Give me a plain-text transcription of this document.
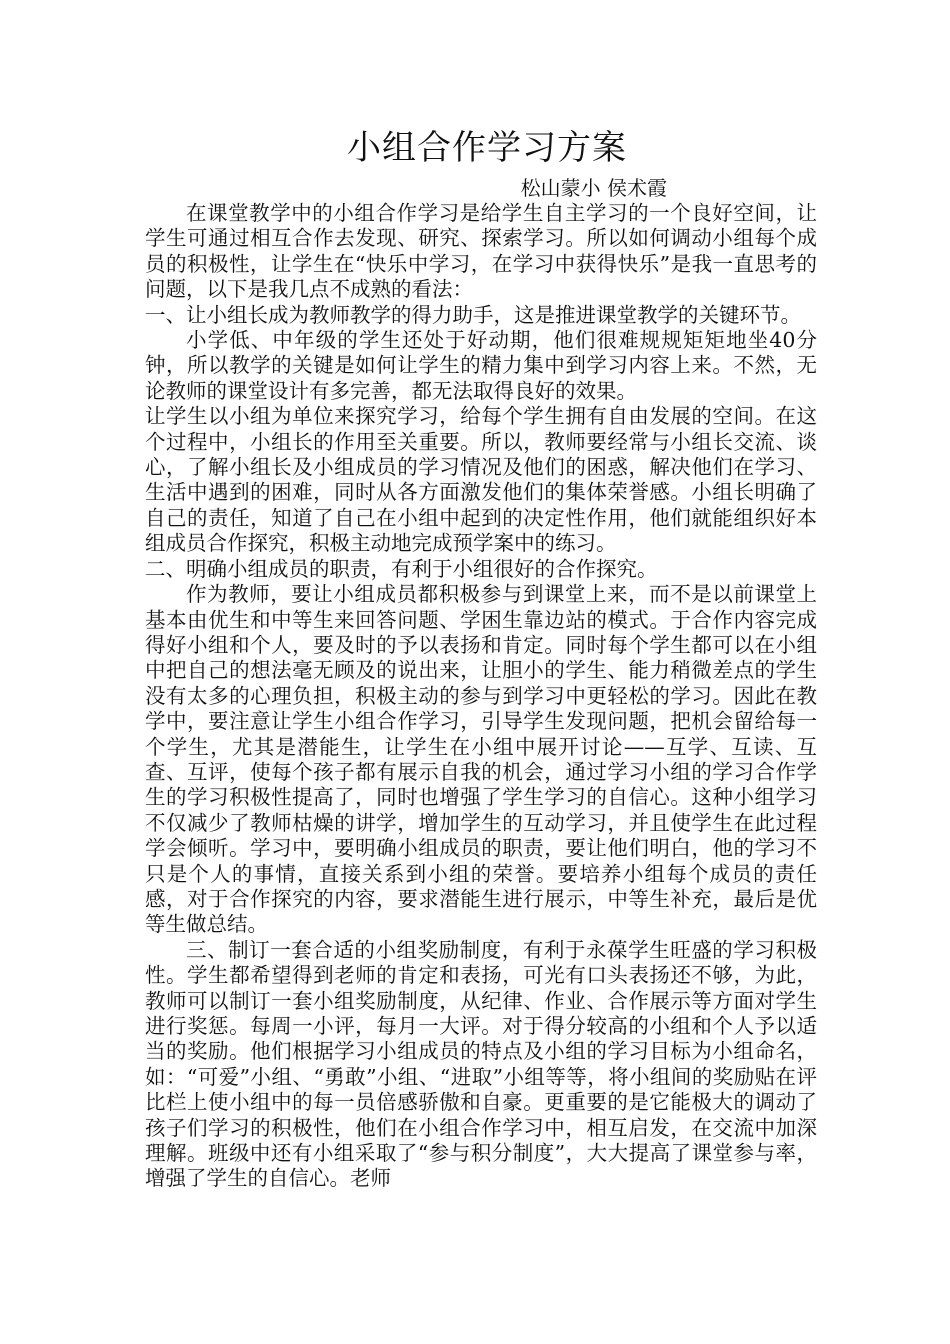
小组合作学习方案

松山蒙小 侯术霞

在课堂教学中的小组合作学习是给学生自主学习的一个良好空间，让学生可通过相互合作去发现、研究、探索学习。所以如何调动小组每个成员的积极性，让学生在“快乐中学习，在学习中获得快乐”是我一直思考的问题，以下是我几点不成熟的看法：

一、让小组长成为教师教学的得力助手，这是推进课堂教学的关键环节。

小学低、中年级的学生还处于好动期，他们很难规规矩矩地坐40分钟，所以教学的关键是如何让学生的精力集中到学习内容上来。不然，无论教师的课堂设计有多完善，都无法取得良好的效果。

让学生以小组为单位来探究学习，给每个学生拥有自由发展的空间。在这个过程中，小组长的作用至关重要。所以，教师要经常与小组长交流、谈心，了解小组长及小组成员的学习情况及他们的困惑，解决他们在学习、生活中遇到的困难，同时从各方面激发他们的集体荣誉感。小组长明确了自己的责任，知道了自己在小组中起到的决定性作用，他们就能组织好本组成员合作探究，积极主动地完成预学案中的练习。

二、明确小组成员的职责，有利于小组很好的合作探究。

作为教师，要让小组成员都积极参与到课堂上来，而不是以前课堂上基本由优生和中等生来回答问题、学困生靠边站的模式。于合作内容完成得好小组和个人，要及时的予以表扬和肯定。同时每个学生都可以在小组中把自己的想法毫无顾及的说出来，让胆小的学生、能力稍微差点的学生没有太多的心理负担，积极主动的参与到学习中更轻松的学习。因此在教学中，要注意让学生小组合作学习，引导学生发现问题，把机会留给每一个学生，尤其是潜能生，让学生在小组中展开讨论——互学、互读、互查、互评，使每个孩子都有展示自我的机会，通过学习小组的学习合作学生的学习积极性提高了，同时也增强了学生学习的自信心。这种小组学习不仅减少了教师枯燥的讲学，增加学生的互动学习，并且使学生在此过程学会倾听。学习中，要明确小组成员的职责，要让他们明白，他的学习不只是个人的事情，直接关系到小组的荣誉。要培养小组每个成员的责任感，对于合作探究的内容，要求潜能生进行展示，中等生补充，最后是优等生做总结。

三、制订一套合适的小组奖励制度，有利于永葆学生旺盛的学习积极性。学生都希望得到老师的肯定和表扬，可光有口头表扬还不够，为此，教师可以制订一套小组奖励制度，从纪律、作业、合作展示等方面对学生进行奖惩。每周一小评，每月一大评。对于得分较高的小组和个人予以适当的奖励。他们根据学习小组成员的特点及小组的学习目标为小组命名，如：“可爱”小组、“勇敢”小组、“进取”小组等等，将小组间的奖励贴在评比栏上使小组中的每一员倍感骄傲和自豪。更重要的是它能极大的调动了孩子们学习的积极性，他们在小组合作学习中，相互启发，在交流中加深理解。班级中还有小组采取了“参与积分制度”，大大提高了课堂参与率，增强了学生的自信心。老师
